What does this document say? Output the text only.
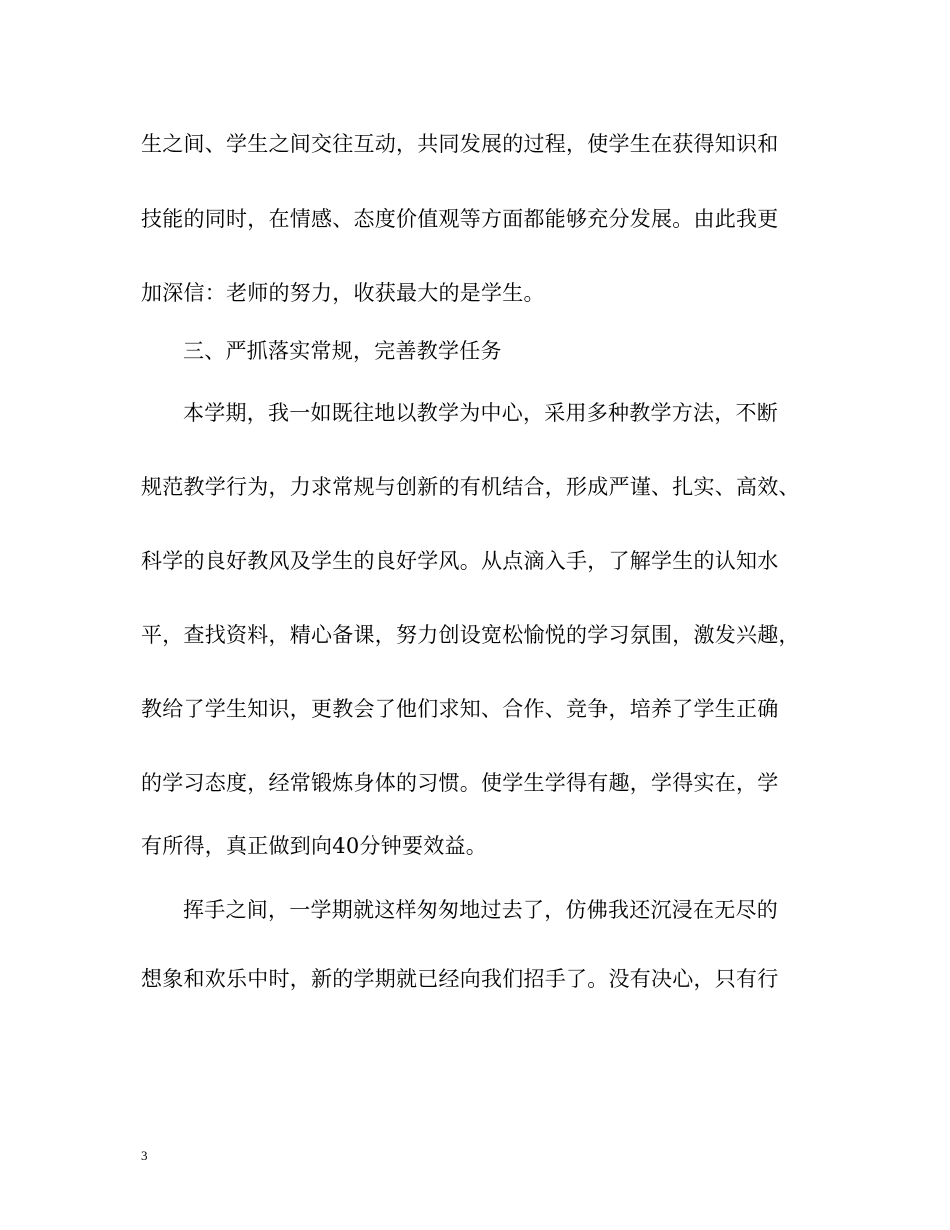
生之间、学生之间交往互动，共同发展的过程，使学生在获得知识和
技能的同时，在情感、态度价值观等方面都能够充分发展。由此我更
加深信：老师的努力，收获最大的是学生。
三、严抓落实常规，完善教学任务
本学期，我一如既往地以教学为中心，采用多种教学方法，不断
规范教学行为，力求常规与创新的有机结合，形成严谨、扎实、高效、
科学的良好教风及学生的良好学风。从点滴入手，了解学生的认知水
平，查找资料，精心备课，努力创设宽松愉悦的学习氛围，激发兴趣，
教给了学生知识，更教会了他们求知、合作、竞争，培养了学生正确
的学习态度，经常锻炼身体的习惯。使学生学得有趣，学得实在，学
有所得，真正做到向40分钟要效益。
挥手之间，一学期就这样匆匆地过去了，仿佛我还沉浸在无尽的
想象和欢乐中时，新的学期就已经向我们招手了。没有决心，只有行
3
